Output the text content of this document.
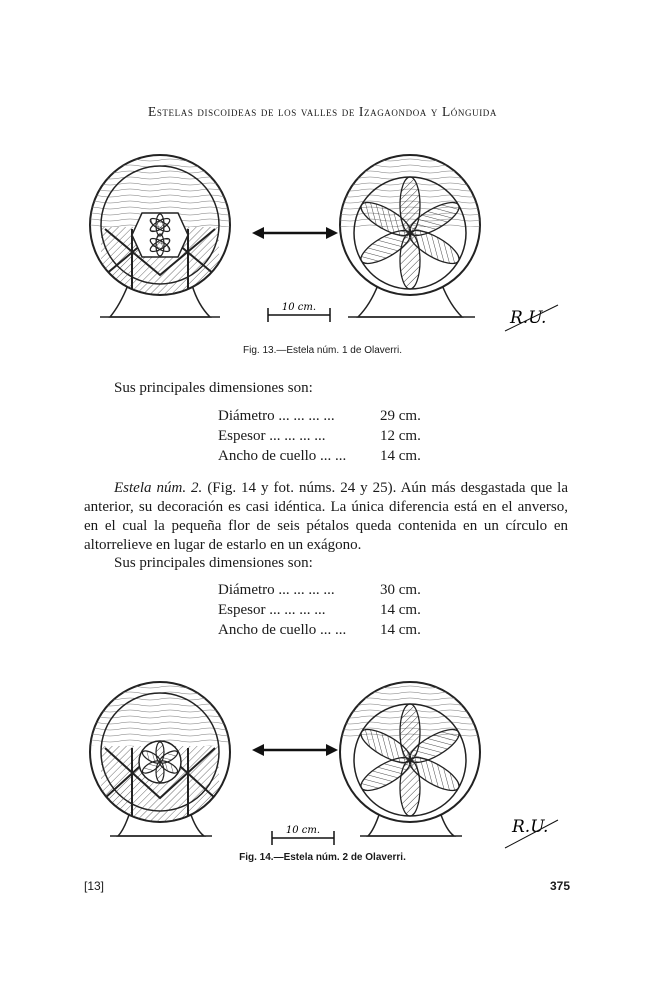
Estelas discoideas de los valles de Izagaondoa y Lónguida
10 cm.
R.U.
Fig. 13.—Estela núm. 1 de Olaverri.
Sus principales dimensiones son:
Diámetro ... ... ... ...	29 cm.
Espesor ... ... ... ...	12 cm.
Ancho de cuello ... ... 14 cm.
Estela núm. 2. (Fig. 14 y fot. núms. 24 y 25). Aún más desgastada que la anterior, su decoración es casi idéntica. La única diferencia está en el anverso, en el cual la pequeña flor de seis pétalos queda contenida en un círculo en altorrelieve en lugar de estarlo en un exágono.
Sus principales dimensiones son:
Diámetro ... ... ... ...	30 cm.
Espesor ... ... ... ...	14 cm.
Ancho de cuello ... ... 14 cm.
10 cm.	R.U.
Fig. 14.—Estela núm. 2 de Olaverri.
[13]	375
